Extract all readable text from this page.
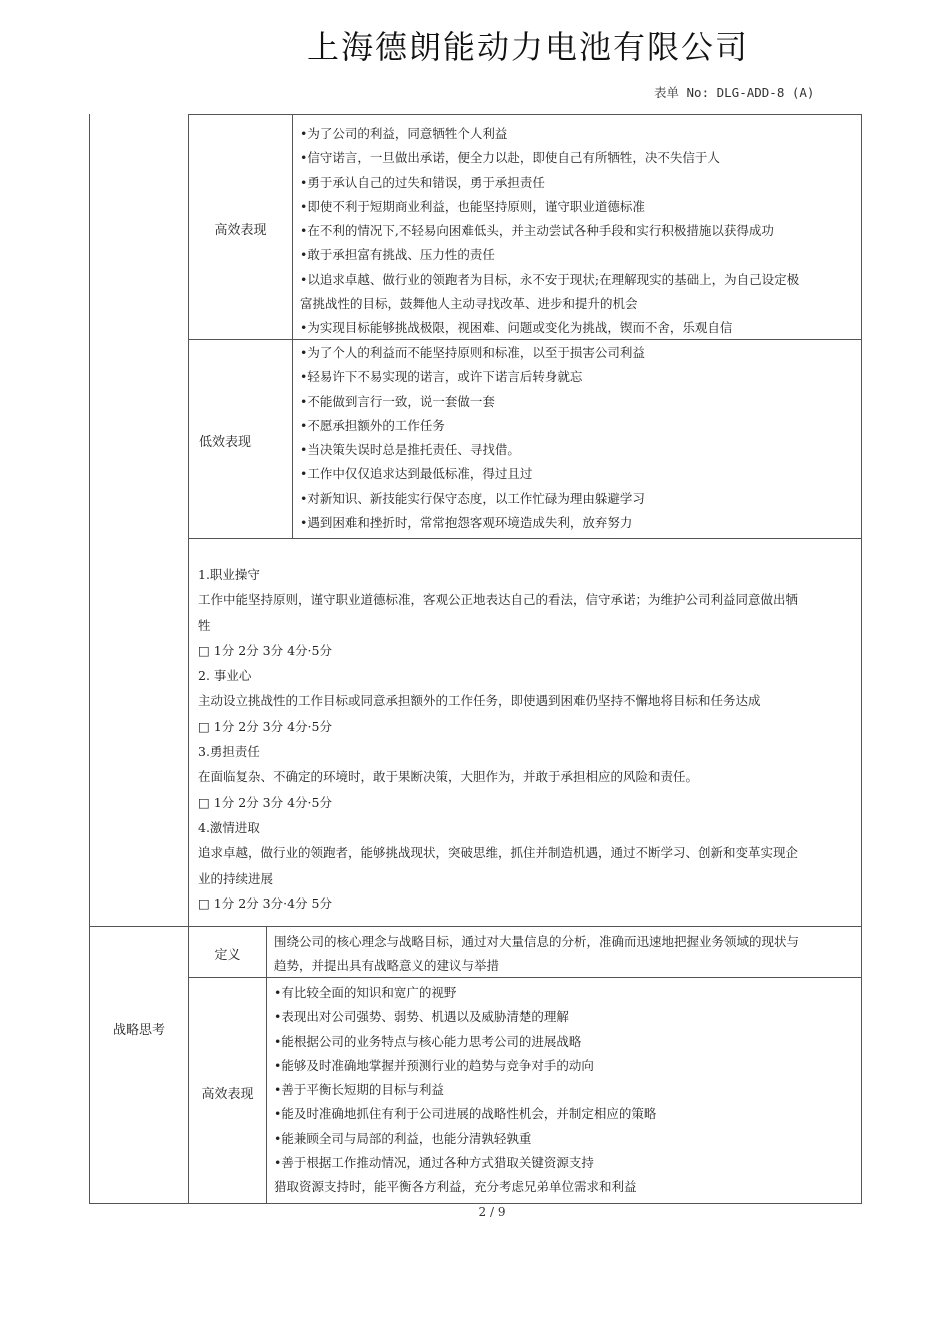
上海德朗能动力电池有限公司
表单 No: DLG-ADD-8 (A)
高效表现
•为了公司的利益，同意牺牲个人利益
•信守诺言，一旦做出承诺，便全力以赴，即使自己有所牺牲，决不失信于人
•勇于承认自己的过失和错误，勇于承担责任
•即使不利于短期商业利益，也能坚持原则，谨守职业道德标准
•在不利的情况下,不轻易向困难低头，并主动尝试各种手段和实行积极措施以获得成功
•敢于承担富有挑战、压力性的责任
•以追求卓越、做行业的领跑者为目标，永不安于现状;在理解现实的基础上，为自己设定极
富挑战性的目标，鼓舞他人主动寻找改革、进步和提升的机会
•为实现目标能够挑战极限，视困难、问题或变化为挑战，锲而不舍，乐观自信
低效表现
•为了个人的利益而不能坚持原则和标准，以至于损害公司利益
•轻易许下不易实现的诺言，或许下诺言后转身就忘
•不能做到言行一致，说一套做一套
•不愿承担额外的工作任务
•当决策失误时总是推托责任、寻找借。
•工作中仅仅追求达到最低标准，得过且过
•对新知识、新技能实行保守态度，以工作忙碌为理由躲避学习
•遇到困难和挫折时，常常抱怨客观环境造成失利，放弃努力
1.职业操守
工作中能坚持原则，谨守职业道德标准，客观公正地表达自己的看法，信守承诺；为维护公司利益同意做出牺
牲
□ 1分 2分 3分 4分·5分
2. 事业心
主动设立挑战性的工作目标或同意承担额外的工作任务，即使遇到困难仍坚持不懈地将目标和任务达成
□ 1分 2分 3分 4分·5分
3.勇担责任
在面临复杂、不确定的环境时，敢于果断决策，大胆作为，并敢于承担相应的风险和责任。
□ 1分 2分 3分 4分·5分
4.激情进取
追求卓越，做行业的领跑者，能够挑战现状，突破思维，抓住并制造机遇，通过不断学习、创新和变革实现企
业的持续进展
□ 1分 2分 3分·4分 5分
战略思考
定义
围绕公司的核心理念与战略目标，通过对大量信息的分析，准确而迅速地把握业务领域的现状与
趋势，并提出具有战略意义的建议与举措
高效表现
•有比较全面的知识和宽广的视野
•表现出对公司强势、弱势、机遇以及威胁清楚的理解
•能根据公司的业务特点与核心能力思考公司的进展战略
•能够及时准确地掌握并预测行业的趋势与竞争对手的动向
•善于平衡长短期的目标与利益
•能及时准确地抓住有利于公司进展的战略性机会，并制定相应的策略
•能兼顾全司与局部的利益，也能分清孰轻孰重
•善于根据工作推动情况，通过各种方式猎取关键资源支持
猎取资源支持时，能平衡各方利益，充分考虑兄弟单位需求和利益
2 / 9
